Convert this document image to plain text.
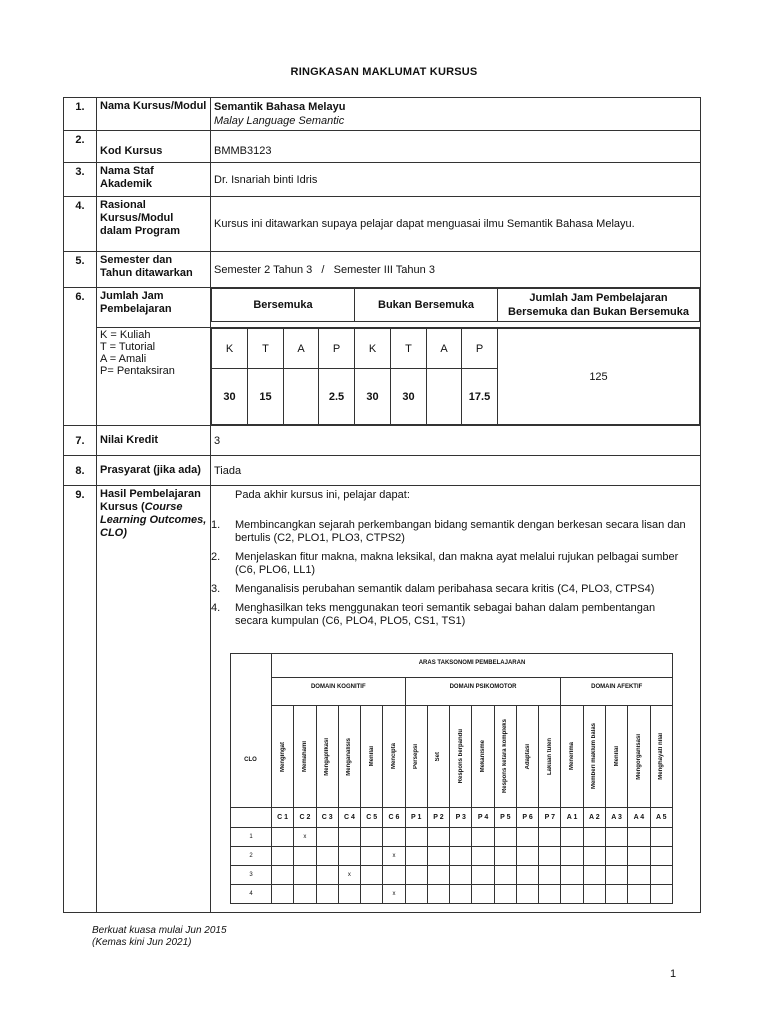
RINGKASAN MAKLUMAT KURSUS
1.	Nama Kursus/Modul	Semantik Bahasa Melayu
Malay Language Semantic

2.	Kod Kursus	BMMB3123
3.	Nama Staf Akademik	Dr. Isnariah binti Idris
4.	Rasional Kursus/Modul dalam Program	Kursus ini ditawarkan supaya pelajar dapat menguasai ilmu Semantik Bahasa Melayu.
5.	Semester dan Tahun ditawarkan	Semester 2 Tahun 3   /   Semester III Tahun 3
6.	Jumlah Jam Pembelajaran		Bersemuka	Bukan Bersemuka	Jumlah Jam Pembelajaran Bersemuka dan Bukan Bersemuka

K = Kuliah
T = Tutorial
A = Amali
P= Pentaksiran

K	T	A	P	K	T	A	P	125
30	15		2.5	30	30		17.5

7.	Nilai Kredit	3
8.	Prasyarat (jika ada)	Tiada
9.	Hasil Pembelajaran Kursus (Course Learning Outcomes, CLO)	
Pada akhir kursus ini, pelajar dapat:
1. Membincangkan sejarah perkembangan bidang semantik dengan berkesan secara lisan dan bertulis (C2, PLO1, PLO3, CTPS2)
2. Menjelaskan fitur makna, makna leksikal, dan makna ayat melalui rujukan pelbagai sumber (C6, PLO6, LL1)
3. Menganalisis perubahan semantik dalam peribahasa secara kritis (C4, PLO3, CTPS4)
4. Menghasilkan teks menggunakan teori semantik sebagai bahan dalam pembentangan secara kumpulan (C6, PLO4, PLO5, CS1, TS1)
	ARAS TAKSONOMI PEMBELAJARAN
DOMAIN KOGNITIF	DOMAIN PSIKOMOTOR	DOMAIN AFEKTIF

Mengingat	Memahami	Mengaplikasi	Menganalisis	Menilai	Mencipta	Persepsi	Set	Respons berpandu	Mekanisme	Respons ketara kompleks	Adaptasi	Lakuan tulen	Menerima	Memberi maklum balas	Menilai	Mengorganisasi	Menghayati nilai

	C 1	C 2	C 3	C 4	C 5	C 6	P 1	P 2	P 3	P 4	P 5	P 6	P 7	A 1	A 2	A 3	A 4	A 5
1		x																
2						x												
3				x														
4						x												
CLO
Berkuat kuasa mulai Jun 2015
(Kemas kini Jun 2021)
1
